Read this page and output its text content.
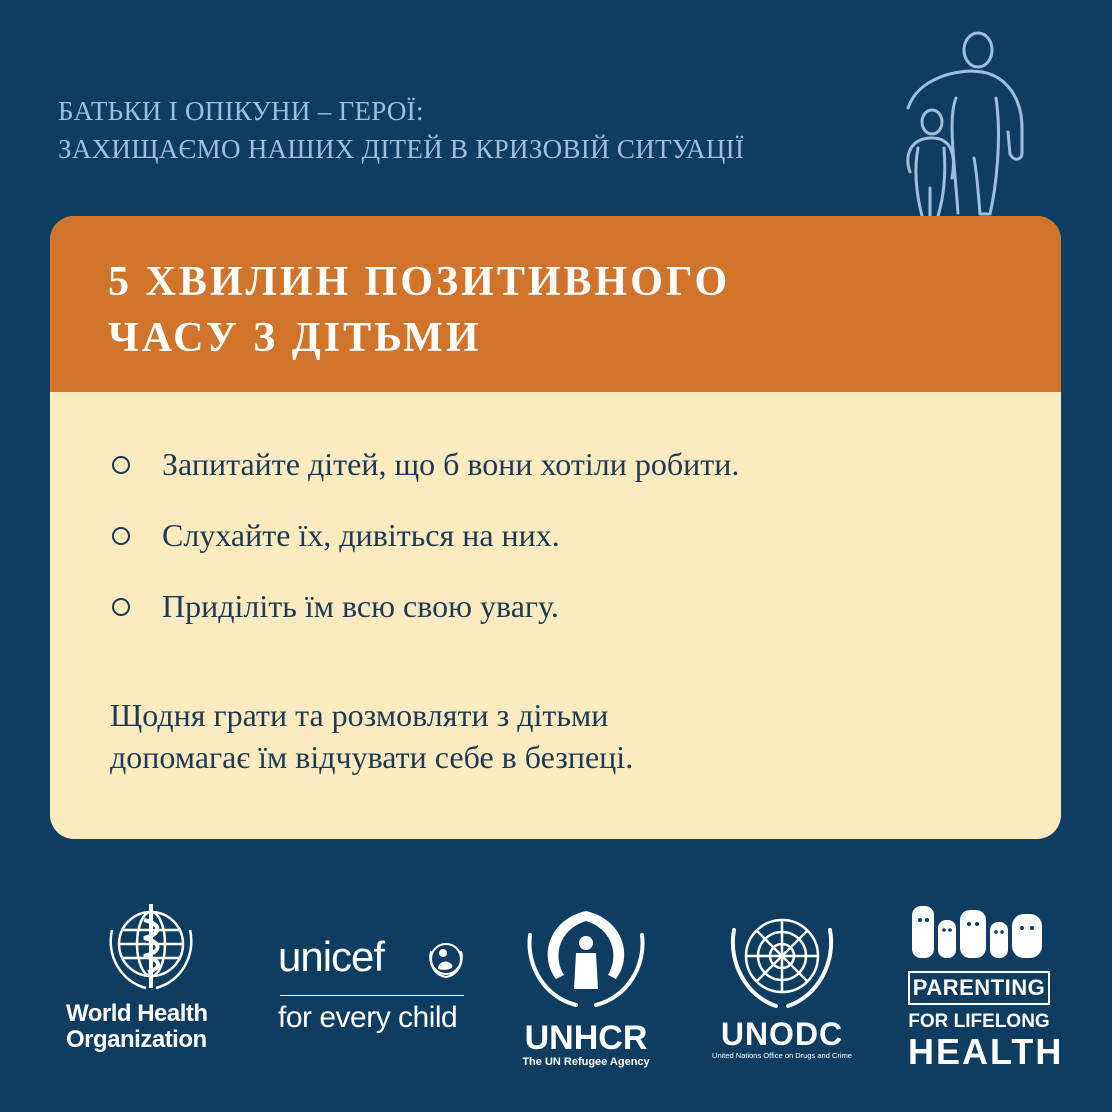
БАТЬКИ І ОПІКУНИ – ГЕРОЇ:
ЗАХИЩАЄМО НАШИХ ДІТЕЙ В КРИЗОВІЙ СИТУАЦІЇ
5 ХВИЛИН ПОЗИТИВНОГО
ЧАСУ З ДІТЬМИ
Запитайте дітей, що б вони хотіли робити.
Слухайте їх, дивіться на них.
Приділіть їм всю свою увагу.
Щодня грати та розмовляти з дітьми
допомагає їм відчувати себе в безпеці.
World Health
Organization
unicef
for every child
UNHCR
The UN Refugee Agency
UNODC
United Nations Office on Drugs and Crime
PARENTING
FOR LIFELONG
HEALTH
